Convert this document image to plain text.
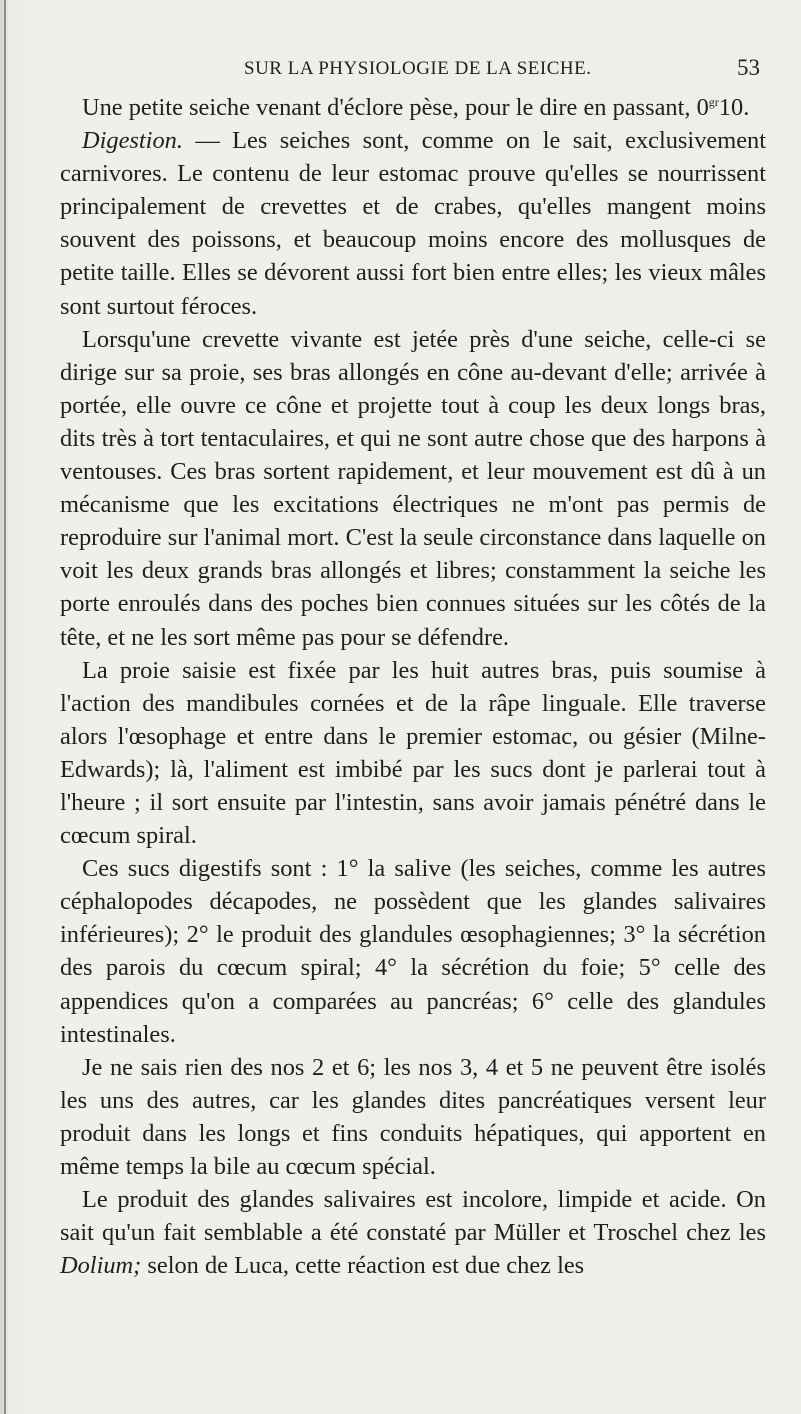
SUR LA PHYSIOLOGIE DE LA SEICHE.	53

Une petite seiche venant d'éclore pèse, pour le dire en passant, $0^{gr}10$.

Digestion. — Les seiches sont, comme on le sait, exclusivement carnivores. Le contenu de leur estomac prouve qu'elles se nourrissent principalement de crevettes et de crabes, qu'elles mangent moins souvent des poissons, et beaucoup moins encore des mollusques de petite taille. Elles se dévorent aussi fort bien entre elles; les vieux mâles sont surtout féroces.

Lorsqu'une crevette vivante est jetée près d'une seiche, celle-ci se dirige sur sa proie, ses bras allongés en cône au-devant d'elle; arrivée à portée, elle ouvre ce cône et projette tout à coup les deux longs bras, dits très à tort tentaculaires, et qui ne sont autre chose que des harpons à ventouses. Ces bras sortent rapidement, et leur mouvement est dû à un mécanisme que les excitations électriques ne m'ont pas permis de reproduire sur l'animal mort. C'est la seule circonstance dans laquelle on voit les deux grands bras allongés et libres; constamment la seiche les porte enroulés dans des poches bien connues situées sur les côtés de la tête, et ne les sort même pas pour se défendre.

La proie saisie est fixée par les huit autres bras, puis soumise à l'action des mandibules cornées et de la râpe linguale. Elle traverse alors l'œsophage et entre dans le premier estomac, ou gésier (Milne-Edwards); là, l'aliment est imbibé par les sucs dont je parlerai tout à l'heure ; il sort ensuite par l'intestin, sans avoir jamais pénétré dans le cœcum spiral.

Ces sucs digestifs sont : 1° la salive (les seiches, comme les autres céphalopodes décapodes, ne possèdent que les glandes salivaires inférieures); 2° le produit des glandules œsophagiennes; 3° la sécrétion des parois du cœcum spiral; 4° la sécrétion du foie; 5° celle des appendices qu'on a comparées au pancréas; 6° celle des glandules intestinales.

Je ne sais rien des nos 2 et 6; les nos 3, 4 et 5 ne peuvent être isolés les uns des autres, car les glandes dites pancréatiques versent leur produit dans les longs et fins conduits hépatiques, qui apportent en même temps la bile au cœcum spécial.

Le produit des glandes salivaires est incolore, limpide et acide. On sait qu'un fait semblable a été constaté par Müller et Troschel chez les Dolium; selon de Luca, cette réaction est due chez les
